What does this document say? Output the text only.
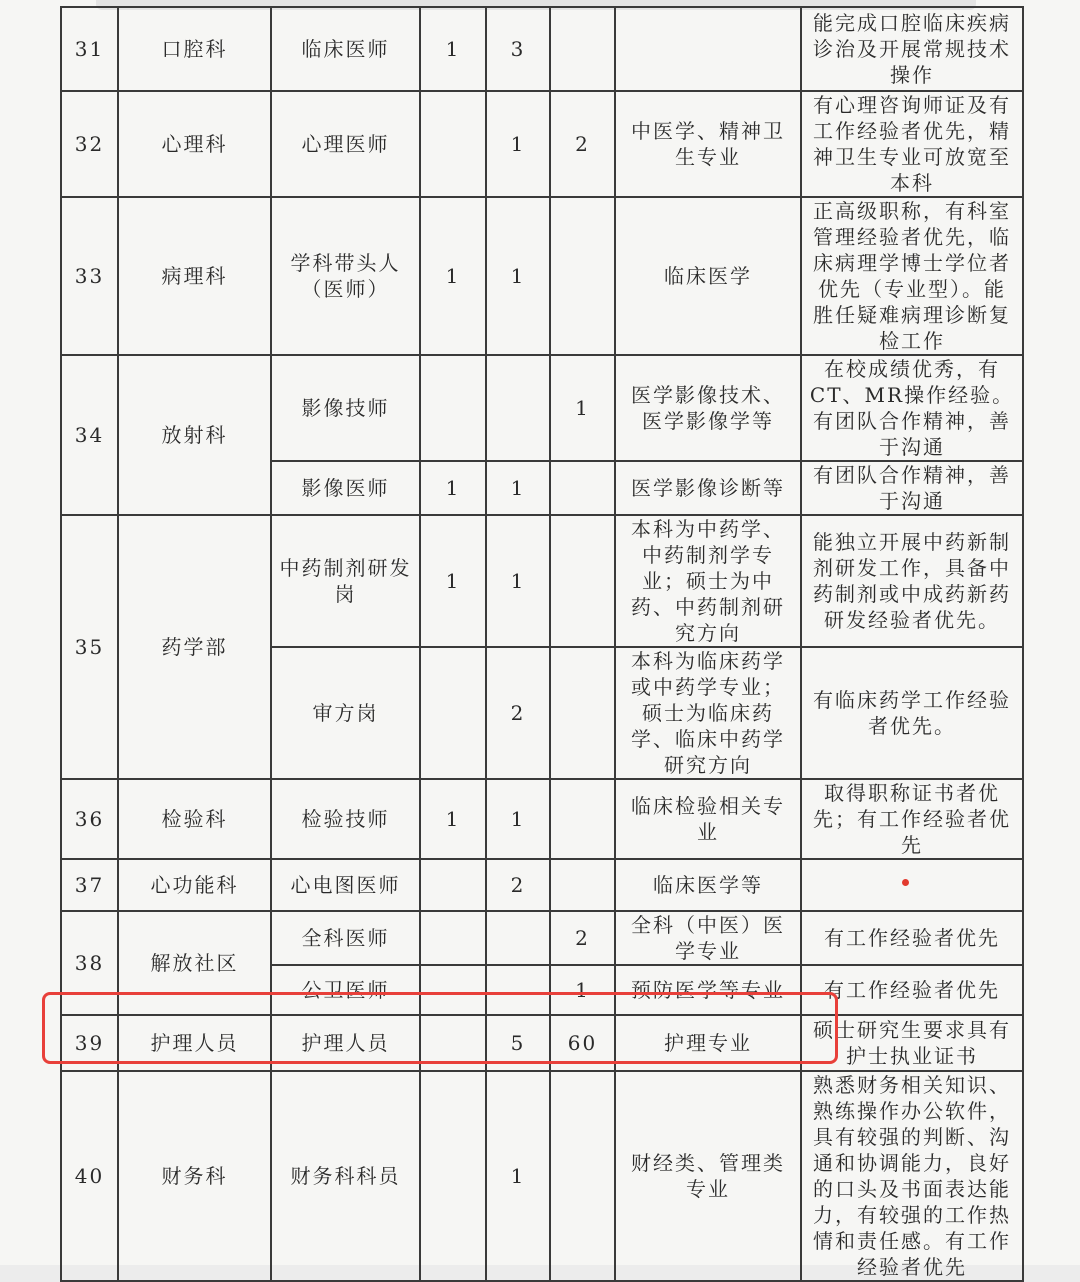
31	口腔科	临床医师	1	3			能完成口腔临床疾病诊治及开展常规技术操作
32	心理科	心理医师		1	2	中医学、精神卫生专业	有心理咨询师证及有工作经验者优先，精神卫生专业可放宽至本科
33	病理科	学科带头人（医师）	1	1		临床医学	正高级职称，有科室管理经验者优先，临床病理学博士学位者优先（专业型）。能胜任疑难病理诊断复检工作
34	放射科	影像技师			1	医学影像技术、医学影像学等	在校成绩优秀，有CT、MR操作经验。有团队合作精神，善于沟通
		影像医师	1	1		医学影像诊断等	有团队合作精神，善于沟通
35	药学部	中药制剂研发岗	1	1		本科为中药学、中药制剂学专业；硕士为中药、中药制剂研究方向	能独立开展中药新制剂研发工作，具备中药制剂或中成药新药研发经验者优先。
		审方岗		2		本科为临床药学或中药学专业；硕士为临床药学、临床中药学研究方向	有临床药学工作经验者优先。
36	检验科	检验技师	1	1		临床检验相关专业	取得职称证书者优先；有工作经验者优先
37	心功能科	心电图医师		2		临床医学等	
38	解放社区	全科医师			2	全科（中医）医学专业	有工作经验者优先
		公卫医师			1	预防医学等专业	有工作经验者优先
39	护理人员	护理人员		5	60	护理专业	硕士研究生要求具有护士执业证书
40	财务科	财务科科员		1		财经类、管理类专业	熟悉财务相关知识、熟练操作办公软件，具有较强的判断、沟通和协调能力，良好的口头及书面表达能力，有较强的工作热情和责任感。有工作经验者优先
